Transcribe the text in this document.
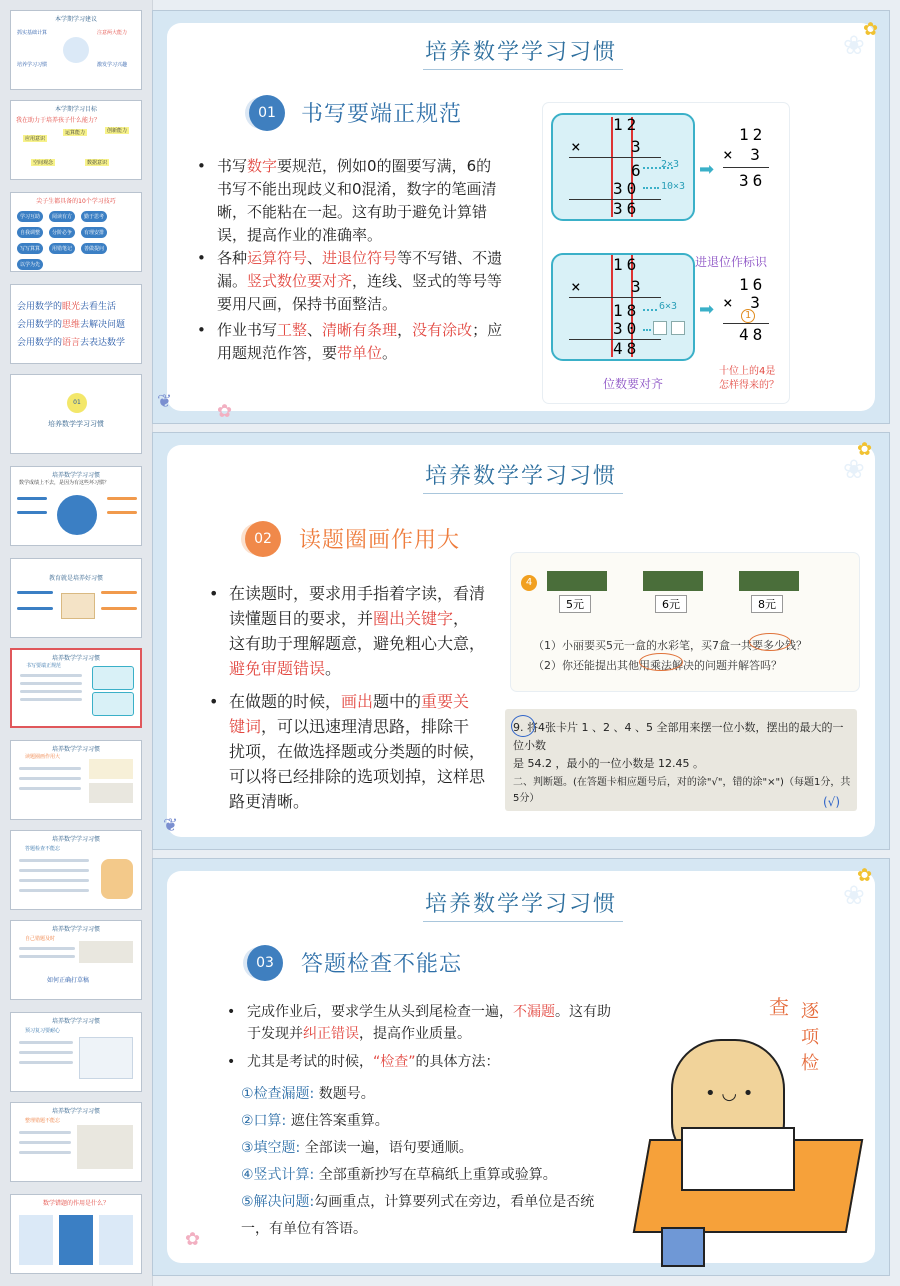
本学期学习建议
抓实基础计算	注意两大能力
培养学习习惯	激发学习兴趣
本学期学习目标
我在助力于培养孩子什么能力？
应用意识
运算能力	创新能力
空间观念	数据意识
尖子生都具备的10个学习技巧
学习互助	阅读有方	勤于思考
自我调整	分阶必争	有理安排
写写算算	用错笔记	善做提问
以学为先
会用数学的眼光去看生活
会用数学的思维去解决问题
会用数学的语言去表达数学
01
培养数学学习习惯
培养数学学习习惯
数学成绩上不去，是因为有这些坏习惯？
教育就是培养好习惯
培养数学学习习惯
书写要端正规范
培养数学学习习惯
读题圈画作用大
培养数学学习习惯
答题检查不能忘
培养数学学习习惯
自己错题及时
如何正确打草稿
培养数学学习习惯
预习复习要耐心
培养数学学习习惯
整理错题不能忘
数学错题的作用是什么？
✿
❀
❦ ✿
培养数学学习习惯
01	书写要端正规范
• 书写数字要规范，例如0的圈要写满，6的书写不能出现歧义和0混淆，数字的笔画清晰，不能粘在一起。这有助于避免计算错误，提高作业的准确率。
• 各种运算符号、进退位符号等不写错、不遗漏。竖式数位要对齐，连线、竖式的等号等要用尺画，保持书面整洁。
• 作业书写工整、清晰有条理，没有涂改；应用题规范作答，要带单位。
12
×	3
6
30
36
2×3
10×3
➡
12
× 3
36
16
×	3
18
30
48
6×3 ➡
进退位作标识
16
× 3
1
48
位数要对齐
十位上的4是怎样得来的？
✿
❀
❦
培养数学学习习惯
02	读题圈画作用大
• 在读题时，要求用手指着字读，看清读懂题目的要求，并圈出关键字，这有助于理解题意，避免粗心大意，避免审题错误。
• 在做题的时候，画出题中的重要关键词，可以迅速理清思路，排除干扰项，在做选择题或分类题的时候，可以将已经排除的选项划掉，这样思路更清晰。
4
5元	6元	8元
（1）小丽要买5元一盒的水彩笔，买7盒一共要多少钱？
（2）你还能提出其他用乘法解决的问题并解答吗？
9. 将4张卡片 1 、2 、4 、5 全部用来摆一位小数，摆出的最大的一位小数
是 54.2 ，最小的一位小数是 12.45 。
二、判断题。(在答题卡相应题号后，对的涂"√"，错的涂"×")（每题1分，共5分）	(√)
✿
❀
✿
培养数学学习习惯
03	答题检查不能忘
• 完成作业后，要求学生从头到尾检查一遍，不漏题。这有助于发现并纠正错误，提高作业质量。
• 尤其是考试的时候，“检查”的具体方法：
①检查漏题: 数题号。
②口算: 遮住答案重算。
③填空题: 全部读一遍，语句要通顺。
④竖式计算: 全部重新抄写在草稿纸上重算或验算。
⑤解决问题:勾画重点，计算要列式在旁边，看单位是否统一，有单位有答语。
• ◡ •
查 逐
项
检
